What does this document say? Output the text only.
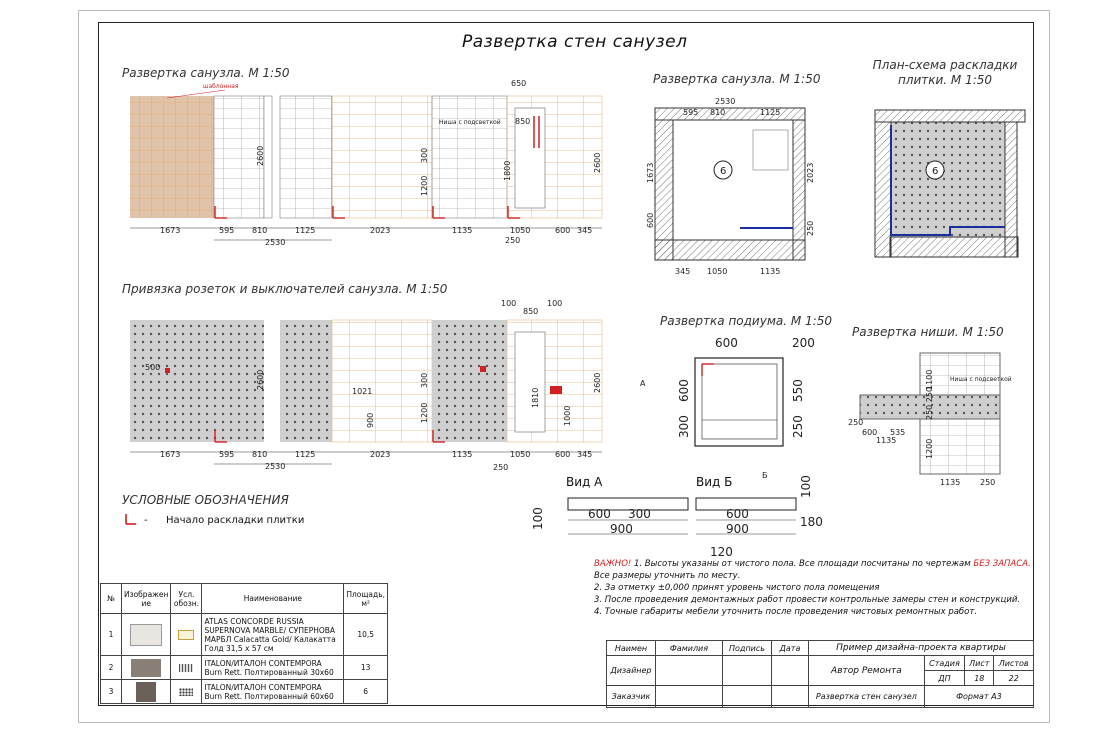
Развертка стен санузел
Развертка санузла. М 1:50	Развертка санузла. М 1:50
План-схема раскладки плитки. М 1:50
Привязка розеток и выключателей санузла. М 1:50
Развертка подиума. М 1:50
Развертка ниши. М 1:50
шаблонная	650
850
Ниша с подсветкой
1800
300
1200
2600	2600
1673	595 810	1125	2023	1135	1050	600 345
2530	250
100
850
100
1021
900
300
1200
1810
1000
500
2600	2600
1673	595 810	1125	2023	1135	1050	600 345
2530	250
6
2530
595 810	1125
1673
600
2023
250
345 1050	1135
6
600	200
600
300
550
250
A
Б
Ниша с подсветкой
600 535
1135
1135 250
250
1200
1100
250 250
Вид А	Вид Б
600 300
900
100	600
900	180
100
120
УСЛОВНЫЕ ОБОЗНАЧЕНИЯ
- Начало раскладки плитки
ВАЖНО! 1. Высоты указаны от чистого пола. Все площади посчитаны по чертежам БЕЗ ЗАПАСА.
Все размеры уточнить по месту.
2. За отметку ±0,000 принят уровень чистого пола помещения
3. После проведения демонтажных работ провести контрольные замеры стен и конструкций.
4. Точные габариты мебели уточнить после проведения чистовых ремонтных работ.
№	Изображен ие	Усл. обозн.	Наименование	Площадь, м²
1			ATLAS CONCORDE RUSSIA SUPERNOVA MARBLE/ СУПЕРНОВА МАРБЛ Calacatta Gold/ Калакатта Голд 31,5 x 57 см	10,5
2			ITALON/ИТАЛОН CONTEMPORA Burn Rett. Полтированный 30х60	13
3			ITALON/ИТАЛОН CONTEMPORA Burn Rett. Полтированный 60х60	6
Наимен	Фамилия	Подпись	Дата	Пример дизайна-проекта квартиры			
Дизайнер				Автор Ремонта	Стадия	Лист	Листов
					ДП	18	22
Заказчик				Развертка стен санузел	Формат А3		
